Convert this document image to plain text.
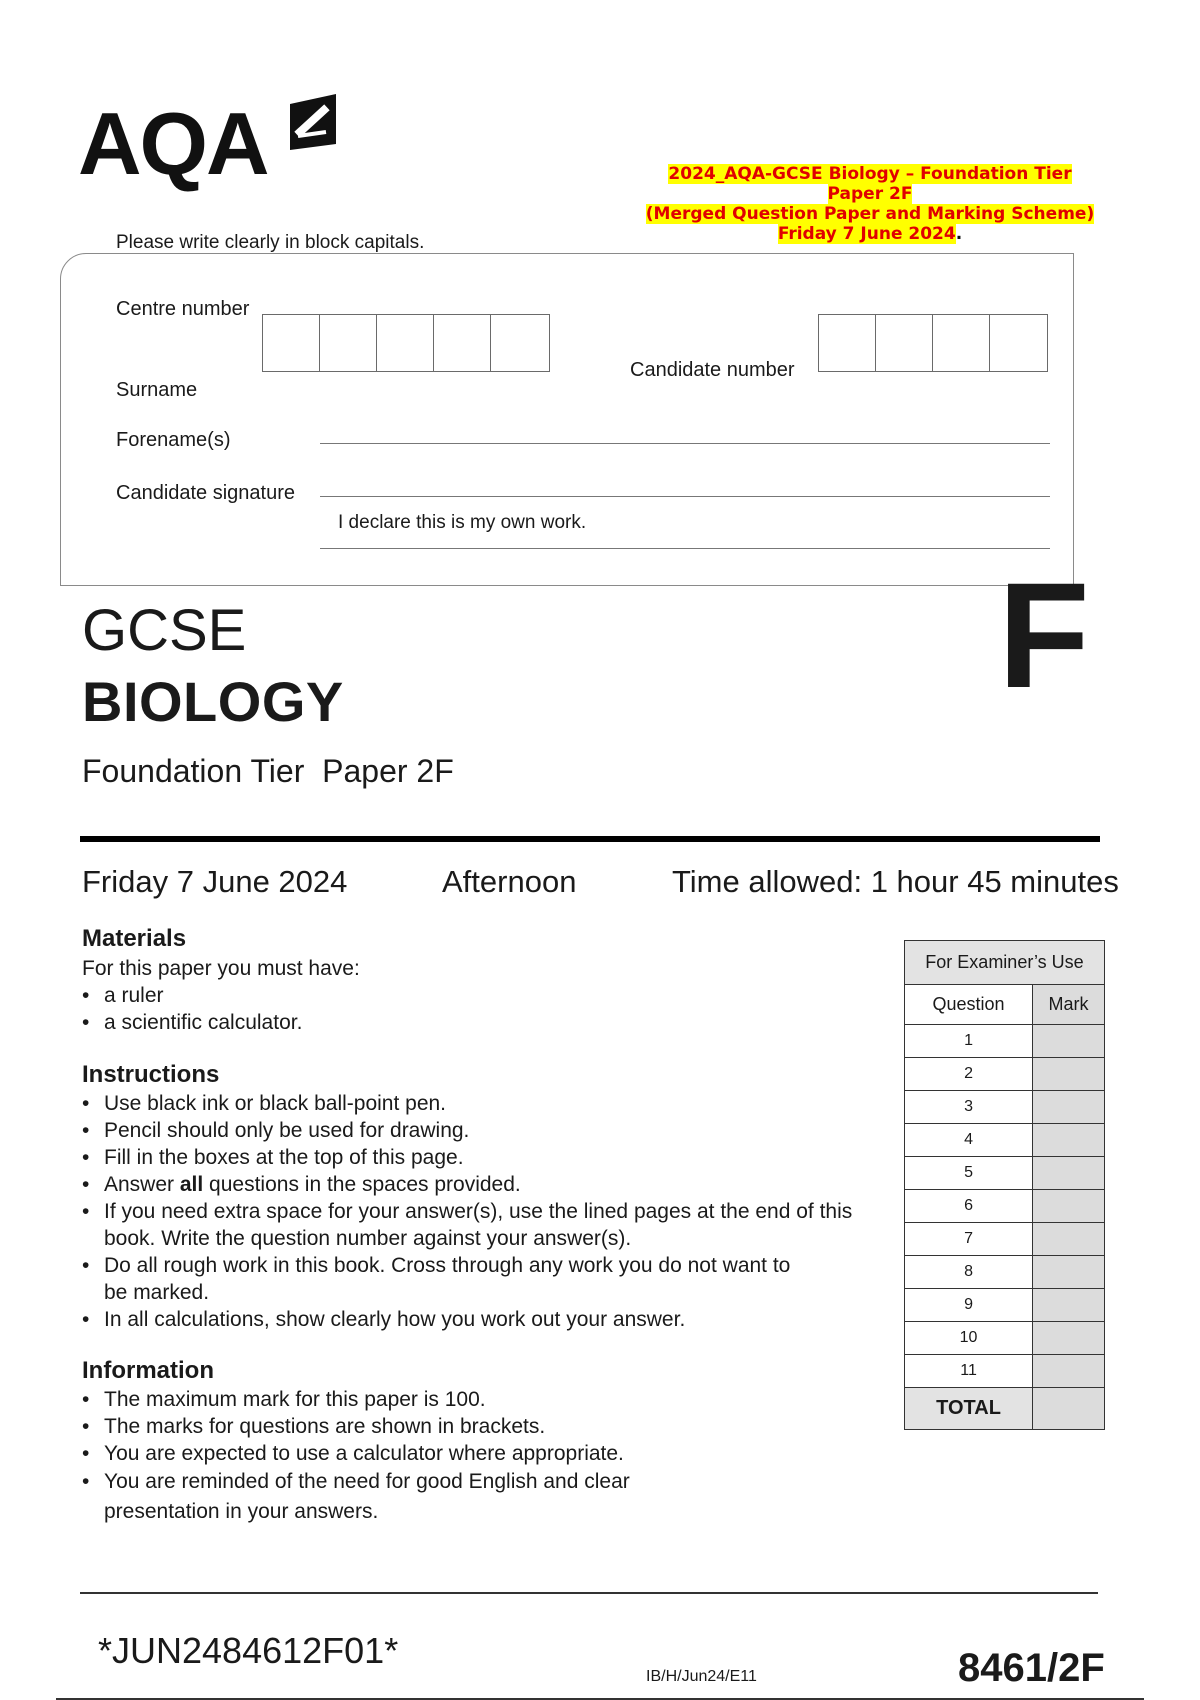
AQA	2024_AQA-GCSE Biology – Foundation Tier
Paper 2F
(Merged Question Paper and Marking Scheme)
Friday 7 June 2024.
Please write clearly in block capitals.
Centre number
Candidate number
Surname
Forename(s)
Candidate signature
I declare this is my own work.
GCSE
BIOLOGY
Foundation Tier  Paper 2F
F
Friday 7 June 2024	Afternoon	Time allowed: 1 hour 45 minutes
Materials
For this paper you must have:
• a ruler
• a scientific calculator.
Instructions
• Use black ink or black ball-point pen.
• Pencil should only be used for drawing.
• Fill in the boxes at the top of this page.
• Answer all questions in the spaces provided.
• If you need extra space for your answer(s), use the lined pages at the end of this book. Write the question number against your answer(s).
• Do all rough work in this book. Cross through any work you do not want to be marked.
• In all calculations, show clearly how you work out your answer.
Information
• The maximum mark for this paper is 100.
• The marks for questions are shown in brackets.
• You are expected to use a calculator where appropriate.
• You are reminded of the need for good English and clear presentation in your answers.
For Examiner’s Use	
Question	Mark
1	
2	
3	
4	
5	
6	
7	
8	
9	
10	
11	
TOTAL	
*JUN2484612F01*
IB/H/Jun24/E11	8461/2F
